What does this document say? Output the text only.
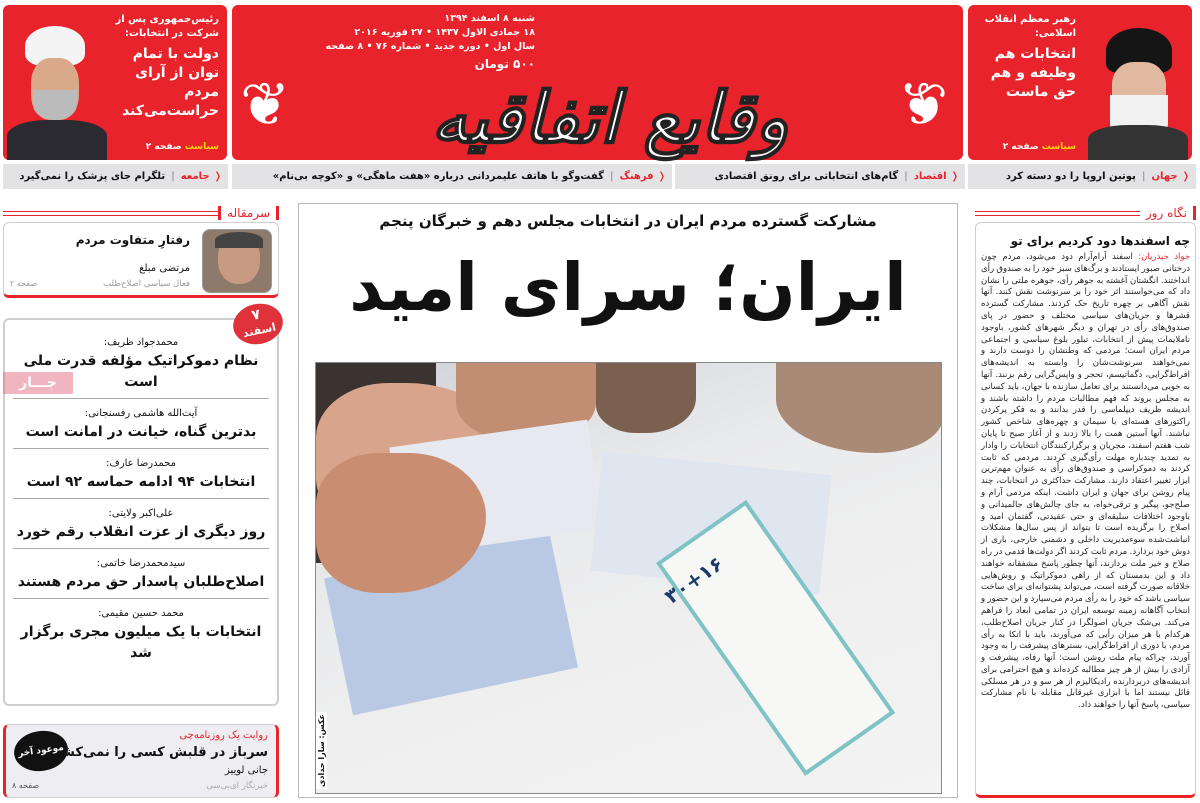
❦	❦
وقایع اتفاقیه
شنبه ۸ اسفند ۱۳۹۴
۱۸ جمادی الاول ۱۴۳۷ • ۲۷ فوریه ۲۰۱۶
سال اول • دوره جدید • شماره ۷۶ • ۸ صفحه
۵۰۰ تومان
رئیس‌جمهوری پس از شرکت در انتخابات:
دولت با تمام توان از آرای مردم حراست‌می‌کند
سیاست صفحه ۲
رهبر معظم انقلاب اسلامی:
انتخابات هم وظیفه و هم حق ماست
سیاست صفحه ۲
❬
جهان
|
پوتین اروپا را دو دسته کرد
❬
اقتصاد
|
گام‌های انتخاباتی برای رونق اقتصادی
❬
فرهنگ
|
گفت‌وگو با هاتف علیمردانی درباره «هفت ماهگی» و «کوچه بی‌نام»
❬
جامعه
|
تلگرام جای پزشک را نمی‌گیرد
سرمقاله
رفتارِ متفاوت مردم
مرتضی مبلغ
فعال سیاسی اصلاح‌طلب
صفحه ۲
محمدجواد ظریف:
نظام دموکراتیک مؤلفه قدرت ملی است
آیت‌الله هاشمی رفسنجانی:
بدترین گناه، خیانت در امانت است
محمدرضا عارف:
انتخابات ۹۴ ادامه حماسه ۹۲ است
علی‌اکبر ولایتی:
روز دیگری از عزت انقلاب رقم خورد
سیدمحمدرضا خاتمی:
اصلاح‌طلبان پاسدار حق مردم هستند
محمد حسین مقیمی:
انتخابات با یک میلیون مجری برگزار شد
۷
اسفند
جـــار
موعود آخر
روایت یک روزنامه‌چی
سرباز در قلبش کسی را نمی‌کشد
جانی لوییز
خبرنگار ای‌بی‌سی
صفحه ۸
مشارکت گسترده مردم ایران در انتخابات مجلس دهم و خبرگان پنجم
ایران؛ سرای امید
۳۰+۱۶
عکس: سارا حدادی
نگاه روز
چه اسفندها دود کردیم برای تو

جواد حیدریان: اسفند آرام‌آرام دود می‌شود، مردم چون درختانی صبور ایستادند و برگ‌های سبز خود را به صندوق رأی انداختند. انگشتان آغشته به جوهر رأی، جوهره ملتی را نشان داد که می‌خواستند اثر خود را بر سرنوشت نقش کنند. آنها نقش آگاهی بر چهره تاریخ حک کردند. مشارکت گسترده قشرها و جریان‌های سیاسی مختلف و حضور در پای صندوق‌های رأی در تهران و دیگر شهرهای کشور، باوجود ناملایمات پیش از انتخابات، تبلور بلوغ سیاسی و اجتماعی مردم ایران است؛ مردمی که وطنشان را دوست دارند و نمی‌خواهند سرنوشت‌شان را وابسته به اندیشه‌های افراط‌گرایی، دگماتیسم، تحجر و واپس‌گرایی رقم بزنند. آنها به خوبی می‌دانستند برای تعامل سازنده با جهان، باید کسانی به مجلس بروند که فهم مطالبات مردم را داشته باشند و اندیشه ظریف دیپلماسی را قدر بدانند و به فکر پرکردن راکتورهای هسته‌ای با سیمان و چهره‌های شاخص کشور نباشند. آنها آستین همت را بالا زدند و از آغاز صبح تا پایان شب هفتم اسفند، مجریان و برگزارکنندگان انتخابات را وادار به تمدید چندباره مهلت رأی‌گیری کردند. مردمی که ثابت کردند به دموکراسی و صندوق‌های رأی به عنوان مهم‌ترین ابزار تغییر اعتقاد دارند. مشارکت حداکثری در انتخابات، چند پیام روشن برای جهان و ایران داشت. اینکه مردمی آرام و صلح‌جو، پیگیر و ترقی‌خواه، به جای چالش‌های جالمیدانی و باوجود اختلافات سلیقه‌ای و حتی عقیدتی، گفتمان امید و اصلاح را برگزیده است تا بتواند از پس سال‌ها مشکلات انباشت‌شده سوءمدیریت داخلی و دشمنی خارجی، باری از دوش خود بردارد. مردم ثابت کردند اگر دولت‌ها قدمی در راه صلاح و خیر ملت بردارند، آنها چطور پاسخ مشفقانه خواهند داد و این بدمستان که از راهی دموکراتیک و روش‌هایی خلاقانه صورت گرفته است، می‌تواند پشتوانه‌ای برای ساخت سیاسی باشد که خود را به رأی مردم می‌سپارد و این حضور و انتخاب آگاهانه زمینه توسعه ایران در تمامی ابعاد را فراهم می‌کند. بی‌شک جریان اصولگرا در کنار جریان اصلاح‌طلب، هرکدام با هر میزان رأیی که می‌آورند، باید با اتکا به رأی مردم، با دوری از افراط‌گرایی، بسترهای پیشرفت را به وجود آورند، چراکه پیام ملت روشن است: آنها رفاه، پیشرفت و آزادی را بیش از هر چیز مطالبه کرده‌اند و هیچ احترامی برای اندیشه‌های دربردارنده رادیکالیزم از هر سو و در هر مسلکی قائل نیستند اما با ابزاری غیرقابل مقابله با نام مشارکت سیاسی، پاسخ آنها را خواهند داد.
